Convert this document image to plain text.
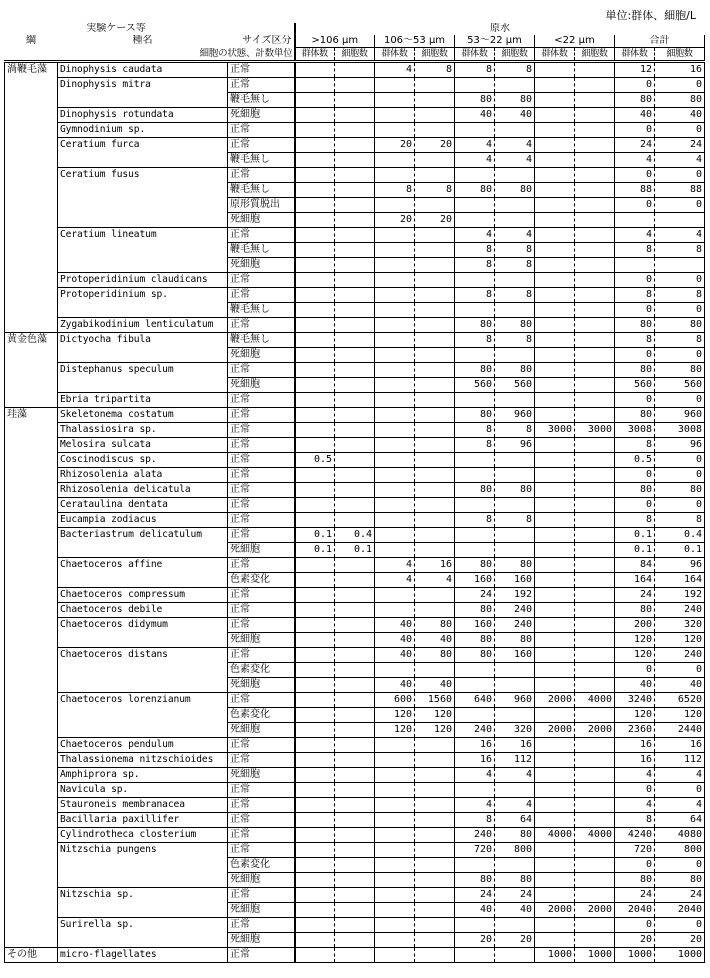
単位:群体、細胞/L
実験ケース等			原水									
綱	種名	サイズ区分	>106 μm		106～53 μm		53～22 μm		<22 μm		合計	
	細胞の状態、計数単位		群体数	細胞数	群体数	細胞数	群体数	細胞数	群体数	細胞数	群体数	細胞数
渦鞭毛藻	Dinophysis caudata	正常			4	8	8	8			12	16
	Dinophysis mitra	正常									0	0
		鞭毛無し					80	80			80	80
	Dinophysis rotundata	死細胞					40	40			40	40
	Gymnodinium sp.	正常									0	0
	Ceratium furca	正常			20	20	4	4			24	24
		鞭毛無し					4	4			4	4
	Ceratium fusus	正常									0	0
		鞭毛無し			8	8	80	80			88	88
		原形質脱出									0	0
		死細胞			20	20						
	Ceratium lineatum	正常					4	4			4	4
		鞭毛無し					8	8			8	8
		死細胞					8	8				
	Protoperidinium claudicans	正常									0	0
	Protoperidinium sp.	正常					8	8			8	8
		鞭毛無し									0	0
	Zygabikodinium lenticulatum	正常					80	80			80	80
黄金色藻	Dictyocha fibula	鞭毛無し					8	8			8	8
		死細胞									0	0
	Distephanus speculum	正常					80	80			80	80
		死細胞					560	560			560	560
	Ebria tripartita	正常									0	0
珪藻	Skeletonema costatum	正常					80	960			80	960
	Thalassiosira sp.	正常					8	8	3000	3000	3008	3008
	Melosira sulcata	正常					8	96			8	96
	Coscinodiscus sp.	正常	0.5								0.5	0
	Rhizosolenia alata	正常									0	0
	Rhizosolenia delicatula	正常					80	80			80	80
	Cerataulina dentata	正常									0	0
	Eucampia zodiacus	正常					8	8			8	8
	Bacteriastrum delicatulum	正常	0.1	0.4							0.1	0.4
		死細胞	0.1	0.1							0.1	0.1
	Chaetoceros affine	正常			4	16	80	80			84	96
		色素変化			4	4	160	160			164	164
	Chaetoceros compressum	正常					24	192			24	192
	Chaetoceros debile	正常					80	240			80	240
	Chaetoceros didymum	正常			40	80	160	240			200	320
		死細胞			40	40	80	80			120	120
	Chaetoceros distans	正常			40	80	80	160			120	240
		色素変化									0	0
		死細胞			40	40					40	40
	Chaetoceros lorenzianum	正常			600	1560	640	960	2000	4000	3240	6520
		色素変化			120	120					120	120
		死細胞			120	120	240	320	2000	2000	2360	2440
	Chaetoceros pendulum	正常					16	16			16	16
	Thalassionema nitzschioides	正常					16	112			16	112
	Amphiprora sp.	死細胞					4	4			4	4
	Navicula sp.	正常									0	0
	Stauroneis membranacea	正常					4	4			4	4
	Bacillaria paxillifer	正常					8	64			8	64
	Cylindrotheca closterium	正常					240	80	4000	4000	4240	4080
	Nitzschia pungens	正常					720	800			720	800
		色素変化									0	0
		死細胞					80	80			80	80
	Nitzschia sp.	正常					24	24			24	24
		死細胞					40	40	2000	2000	2040	2040
	Surirella sp.	正常									0	0
		死細胞					20	20			20	20
その他	micro-flagellates	正常							1000	1000	1000	1000
